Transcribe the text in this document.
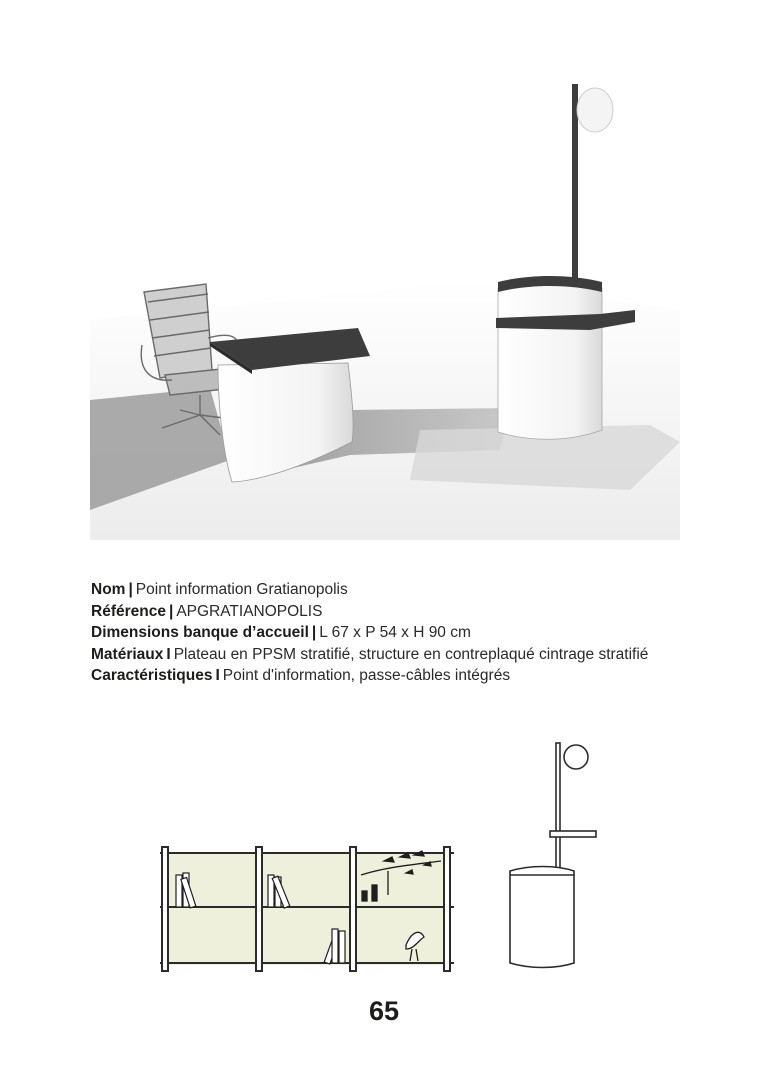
Nom | Point information Gratianopolis
Référence | APGRATIANOPOLIS
Dimensions banque d’accueil | L 67 x P 54 x H 90 cm
Matériaux I Plateau en PPSM stratifié, structure en contreplaqué cintrage stratifié
Caractéristiques I Point d'information, passe-câbles intégrés
65
